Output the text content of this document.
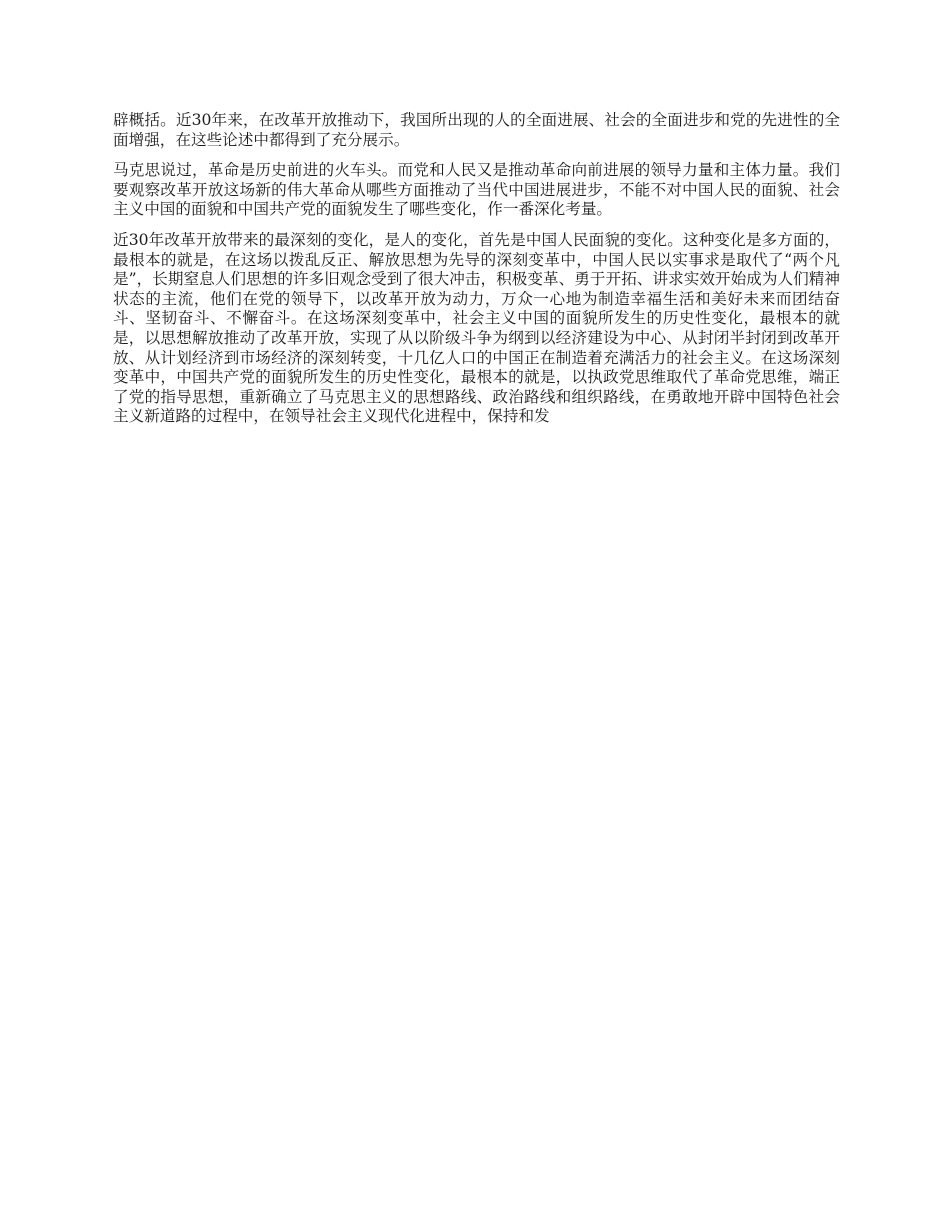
辟概括。近30年来，在改革开放推动下，我国所出现的人的全面进展、社会的全面进步和党的先进性的全面增强，在这些论述中都得到了充分展示。

马克思说过，革命是历史前进的火车头。而党和人民又是推动革命向前进展的领导力量和主体力量。我们要观察改革开放这场新的伟大革命从哪些方面推动了当代中国进展进步，不能不对中国人民的面貌、社会主义中国的面貌和中国共产党的面貌发生了哪些变化，作一番深化考量。

近30年改革开放带来的最深刻的变化，是人的变化，首先是中国人民面貌的变化。这种变化是多方面的，最根本的就是，在这场以拨乱反正、解放思想为先导的深刻变革中，中国人民以实事求是取代了“两个凡是”，长期窒息人们思想的许多旧观念受到了很大冲击，积极变革、勇于开拓、讲求实效开始成为人们精神状态的主流，他们在党的领导下，以改革开放为动力，万众一心地为制造幸福生活和美好未来而团结奋斗、坚韧奋斗、不懈奋斗。在这场深刻变革中，社会主义中国的面貌所发生的历史性变化，最根本的就是，以思想解放推动了改革开放，实现了从以阶级斗争为纲到以经济建设为中心、从封闭半封闭到改革开放、从计划经济到市场经济的深刻转变，十几亿人口的中国正在制造着充满活力的社会主义。在这场深刻变革中，中国共产党的面貌所发生的历史性变化，最根本的就是，以执政党思维取代了革命党思维，端正了党的指导思想，重新确立了马克思主义的思想路线、政治路线和组织路线，在勇敢地开辟中国特色社会主义新道路的过程中，在领导社会主义现代化进程中，保持和发
